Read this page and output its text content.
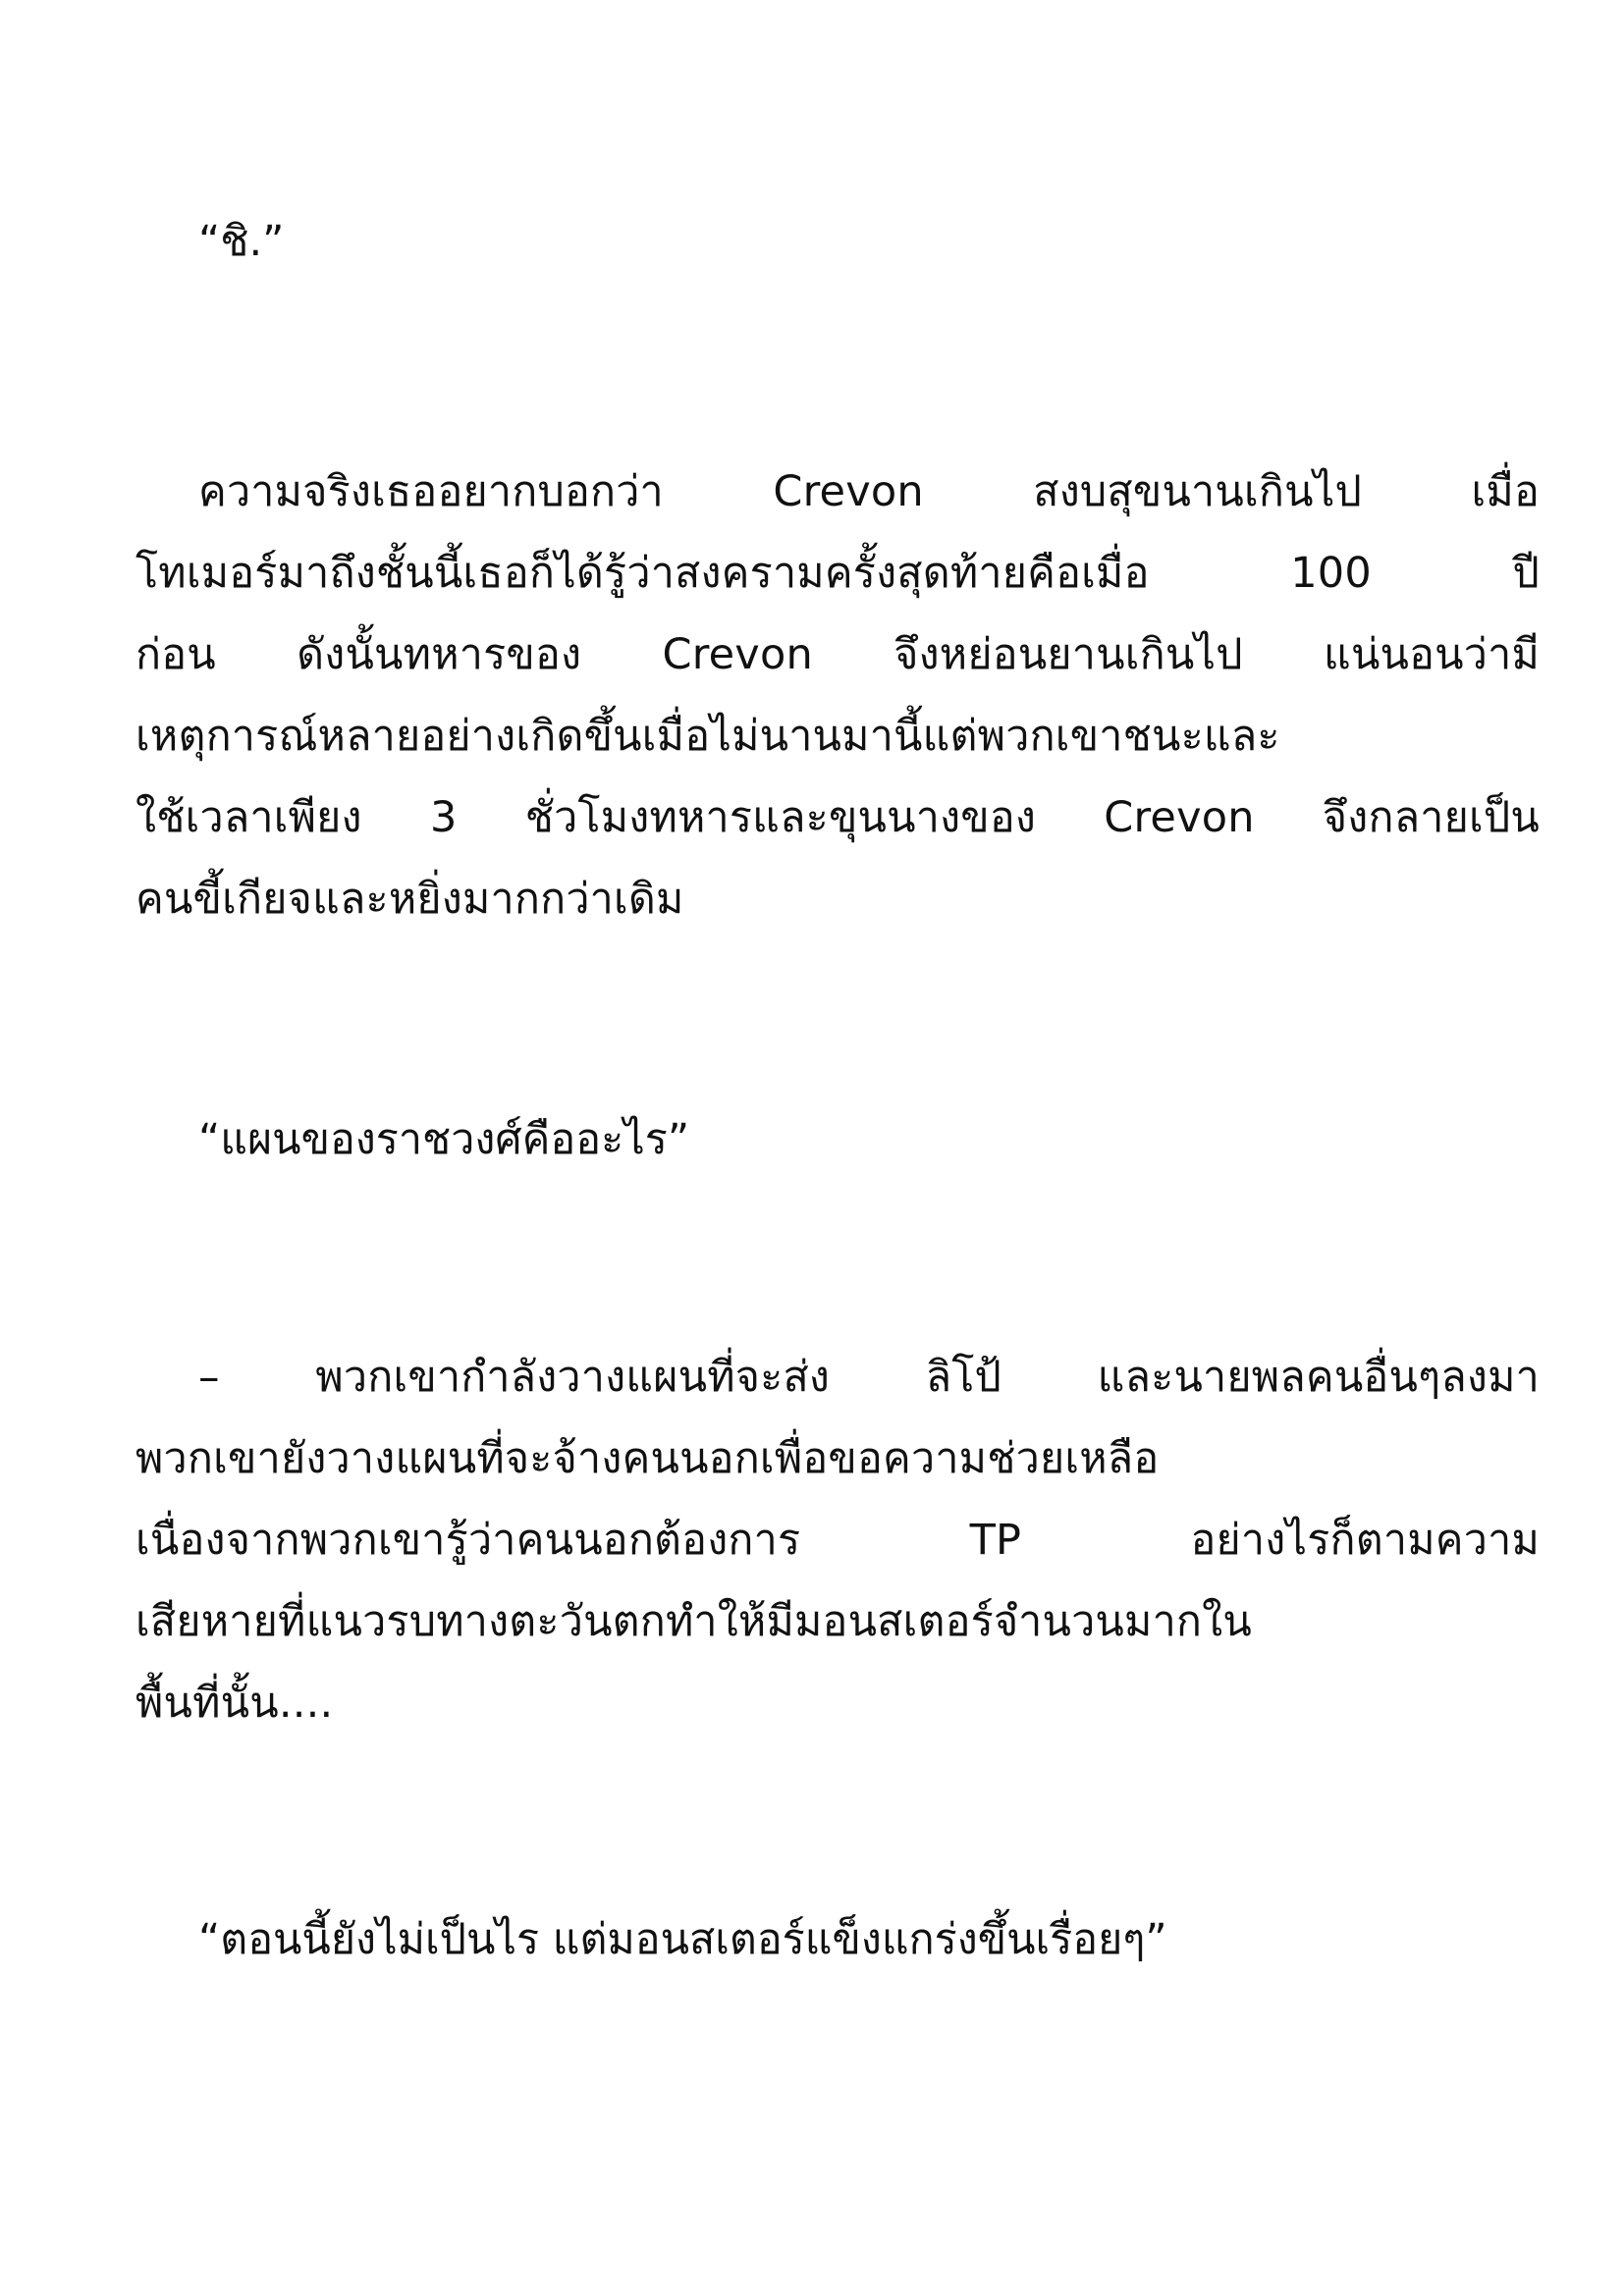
“ชิ.”

ความจริงเธออยากบอกว่า Crevon สงบสุขนานเกินไป เมื่อ
โทเมอร์มาถึงชั้นนี้เธอก็ได้รู้ว่าสงครามครั้งสุดท้ายคือเมื่อ 100 ปี
ก่อน ดังนั้นทหารของ Crevon จึงหย่อนยานเกินไป แน่นอนว่ามี
เหตุการณ์หลายอย่างเกิดขึ้นเมื่อไม่นานมานี้แต่พวกเขาชนะและ
ใช้เวลาเพียง 3 ชั่วโมงทหารและขุนนางของ Crevon จึงกลายเป็น
คนขี้เกียจและหยิ่งมากกว่าเดิม

“แผนของราชวงศ์คืออะไร”

– พวกเขากำลังวางแผนที่จะส่ง ลิโป้ และนายพลคนอื่นๆลงมา
พวกเขายังวางแผนที่จะจ้างคนนอกเพื่อขอความช่วยเหลือ
เนื่องจากพวกเขารู้ว่าคนนอกต้องการ TP อย่างไรก็ตามความ
เสียหายที่แนวรบทางตะวันตกทำให้มีมอนสเตอร์จำนวนมากใน
พื้นที่นั้น....

“ตอนนี้ยังไม่เป็นไร แต่มอนสเตอร์แข็งแกร่งขึ้นเรื่อยๆ”
